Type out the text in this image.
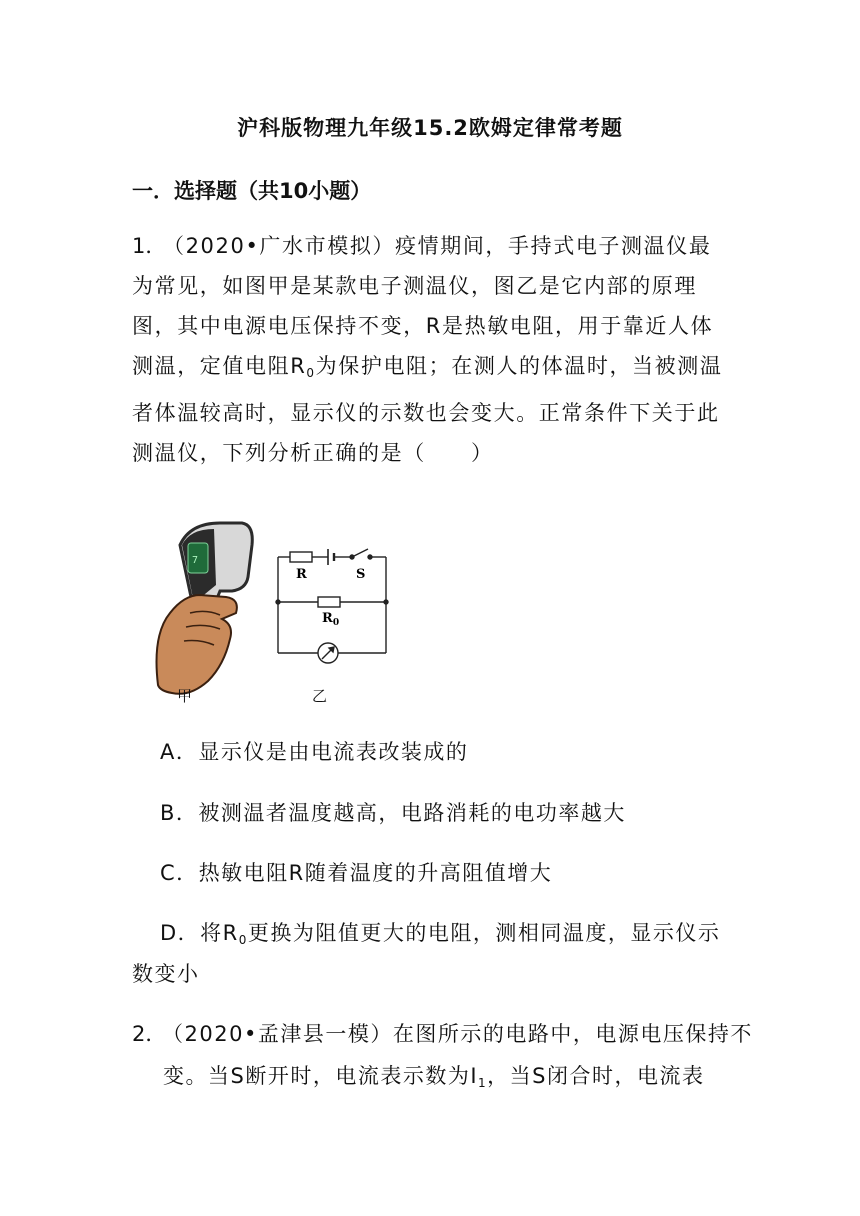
沪科版物理九年级15.2欧姆定律常考题
一．选择题（共10小题）
1．
（2020•广水市模拟）疫情期间，手持式电子测温仪最为常见，如图甲是某款电子测温仪，图乙是它内部的原理图，其中电源电压保持不变，R是热敏电阻，用于靠近人体测温，定值电阻$R_0$为保护电阻；在测人的体温时，当被测温者体温较高时，显示仪的示数也会变大。正常条件下关于此测温仪，下列分析正确的是（　　）
7
R	S
$R_0$
甲	乙
A．显示仪是由电流表改装成的
B．被测温者温度越高，电路消耗的电功率越大
C．热敏电阻R随着温度的升高阻值增大
D．将$R_0$更换为阻值更大的电阻，测相同温度，显示仪示
数变小
2．
（2020•孟津县一模）在图所示的电路中，电源电压保持不
变。当S断开时，电流表示数为$I_1$，当S闭合时，电流表
